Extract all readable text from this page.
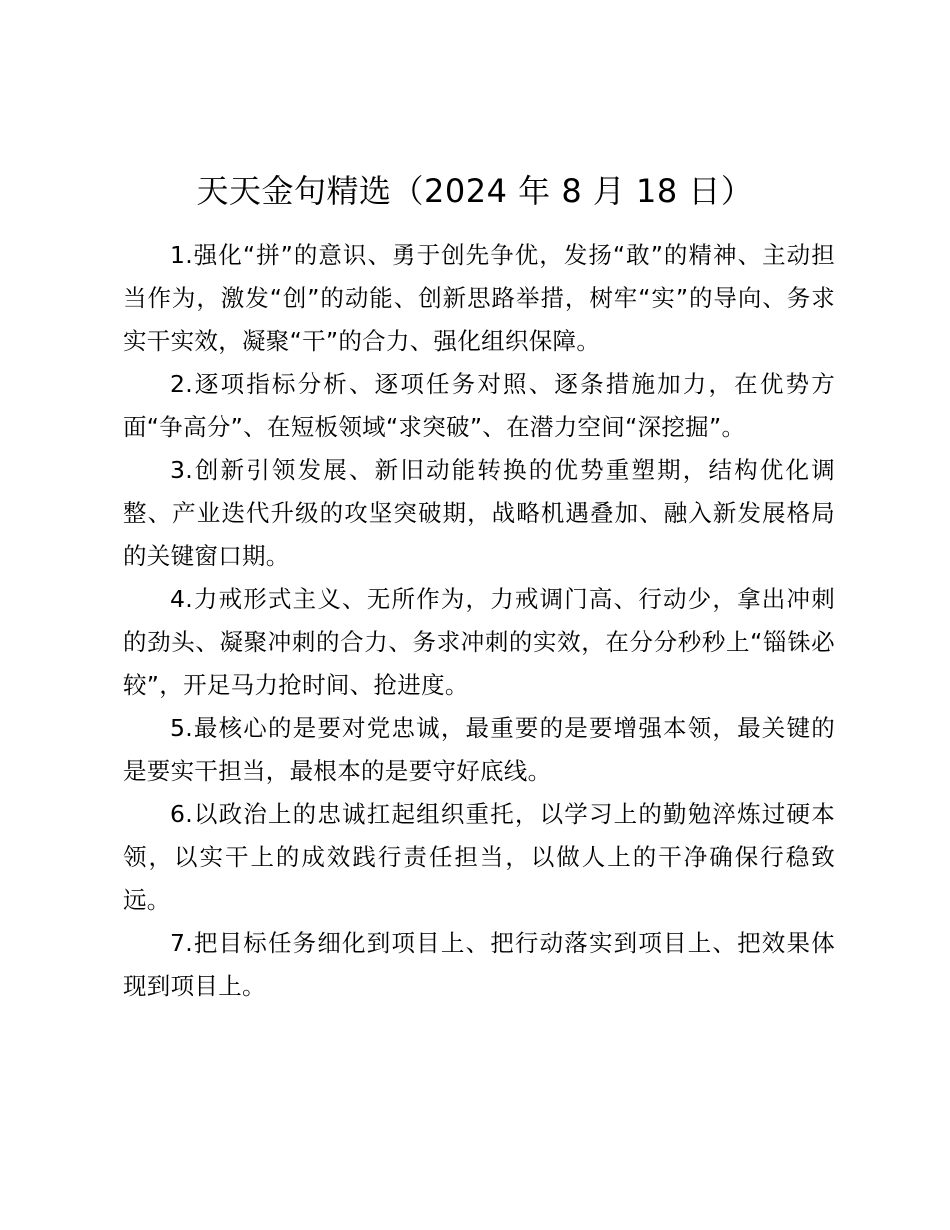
天天金句精选（2024 年 8 月 18 日）

1.强化“拼”的意识、勇于创先争优，发扬“敢”的精神、主动担当作为，激发“创”的动能、创新思路举措，树牢“实”的导向、务求实干实效，凝聚“干”的合力、强化组织保障。

2.逐项指标分析、逐项任务对照、逐条措施加力，在优势方面“争高分”、在短板领域“求突破”、在潜力空间“深挖掘”。

3.创新引领发展、新旧动能转换的优势重塑期，结构优化调整、产业迭代升级的攻坚突破期，战略机遇叠加、融入新发展格局的关键窗口期。

4.力戒形式主义、无所作为，力戒调门高、行动少，拿出冲刺的劲头、凝聚冲刺的合力、务求冲刺的实效，在分分秒秒上“锱铢必较”，开足马力抢时间、抢进度。

5.最核心的是要对党忠诚，最重要的是要增强本领，最关键的是要实干担当，最根本的是要守好底线。

6.以政治上的忠诚扛起组织重托，以学习上的勤勉淬炼过硬本领，以实干上的成效践行责任担当，以做人上的干净确保行稳致远。

7.把目标任务细化到项目上、把行动落实到项目上、把效果体现到项目上。
